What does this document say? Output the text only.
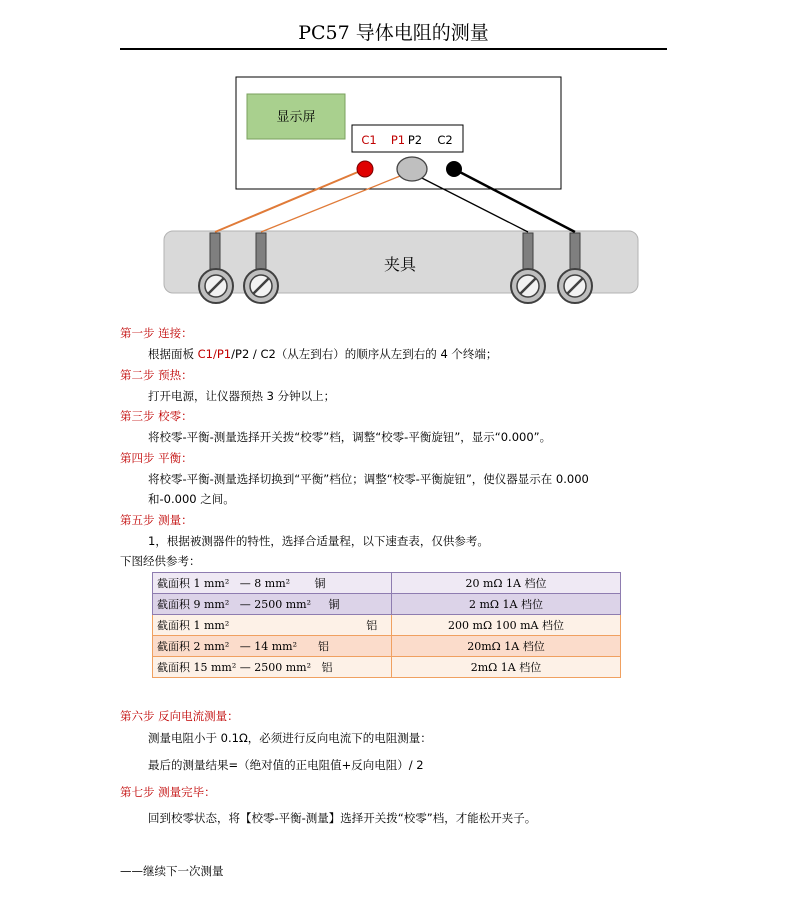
PC57 导体电阻的测量
显示屏
C1 P1 P2 C2
夹具
第一步 连接：
根据面板 C1/P1/P2 / C2（从左到右）的顺序从左到右的 4 个终端；
第二步 预热：
打开电源，让仪器预热 3 分钟以上；
第三步 校零：
将校零-平衡-测量选择开关拨“校零”档，调整“校零-平衡旋钮”，显示“0.000”。
第四步 平衡：
将校零-平衡-测量选择切换到“平衡”档位；调整“校零-平衡旋钮”，使仪器显示在 0.000
和-0.000 之间。
第五步 测量：
1，根据被测器件的特性，选择合适量程，以下速查表，仅供参考。
下图经供参考：
截面积 1 mm² — 8 mm² 铜	20 mΩ 1A 档位
截面积 9 mm² — 2500 mm² 铜	2 mΩ 1A 档位
截面积 1 mm² 铝	200 mΩ 100 mA 档位
截面积 2 mm² — 14 mm² 铝	20mΩ 1A 档位
截面积 15 mm² — 2500 mm² 铝	2mΩ 1A 档位
第六步 反向电流测量：
测量电阻小于 0.1Ω，必须进行反向电流下的电阻测量：
最后的测量结果=（绝对值的正电阻值+反向电阻）/ 2
第七步 测量完毕：
回到校零状态，将【校零-平衡-测量】选择开关拨“校零”档，才能松开夹子。
——继续下一次测量
